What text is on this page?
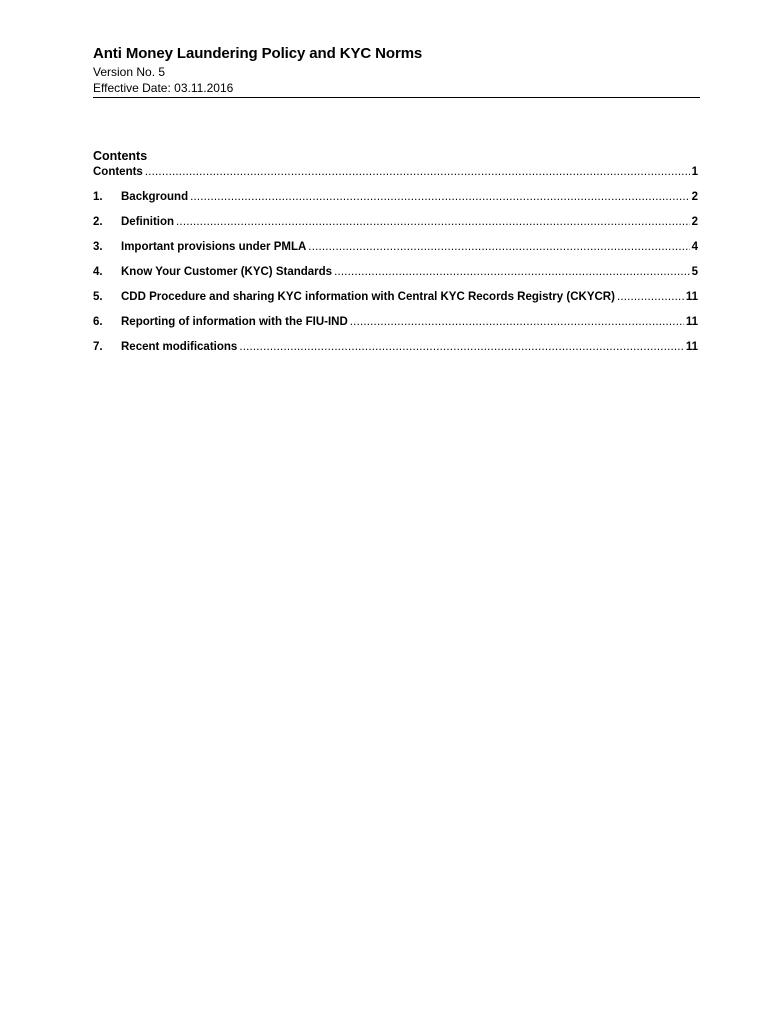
Anti Money Laundering Policy and KYC Norms

Version No. 5

Effective Date: 03.11.2016

Contents

Contents .....	1
1.	Background .....	2
2.	Definition .....	2
3.	Important provisions under PMLA .....	4
4.	Know Your Customer (KYC) Standards .....	5
5.	CDD Procedure and sharing KYC information with Central KYC Records Registry (CKYCR) .....	11
6.	Reporting of information with the FIU-IND .....	11
7.	Recent modifications .....	11
